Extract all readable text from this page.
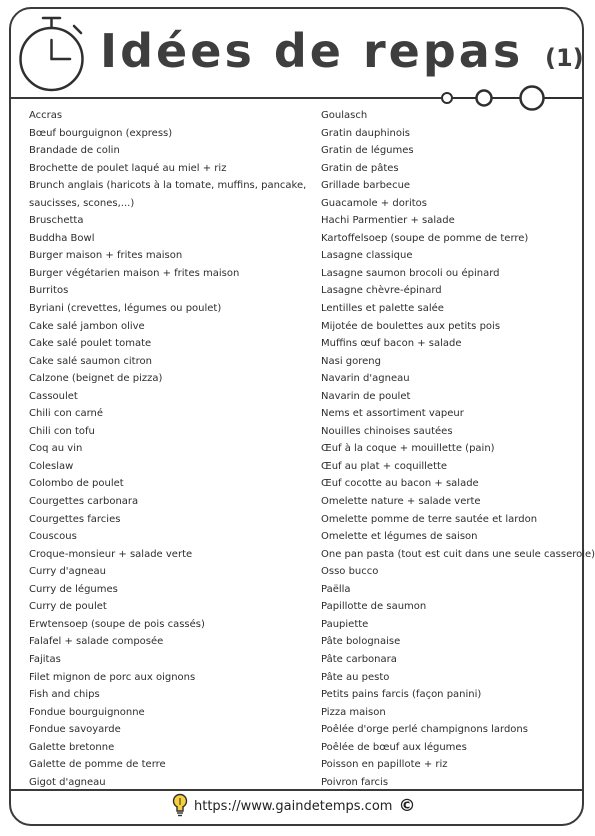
Idées de repas (1)
Accras
Bœuf bourguignon (express)
Brandade de colin
Brochette de poulet laqué au miel + riz
Brunch anglais (haricots à la tomate, muffins, pancake, saucisses, scones,...)
Bruschetta
Buddha Bowl
Burger maison + frites maison
Burger végétarien maison + frites maison
Burritos
Byriani (crevettes, légumes ou poulet)
Cake salé jambon olive
Cake salé poulet tomate
Cake salé saumon citron
Calzone (beignet de pizza)
Cassoulet
Chili con carné
Chili con tofu
Coq au vin
Coleslaw
Colombo de poulet
Courgettes carbonara
Courgettes farcies
Couscous
Croque-monsieur + salade verte
Curry d'agneau
Curry de légumes
Curry de poulet
Erwtensoep (soupe de pois cassés)
Falafel + salade composée
Fajitas
Filet mignon de porc aux oignons
Fish and chips
Fondue bourguignonne
Fondue savoyarde
Galette bretonne
Galette de pomme de terre
Gigot d'agneau
Goulasch
Gratin dauphinois
Gratin de légumes
Gratin de pâtes
Grillade barbecue
Guacamole + doritos
Hachi Parmentier + salade
Kartoffelsoep (soupe de pomme de terre)
Lasagne classique
Lasagne saumon brocoli ou épinard
Lasagne chèvre-épinard
Lentilles et palette salée
Mijotée de boulettes aux petits pois
Muffins œuf bacon + salade
Nasi goreng
Navarin d'agneau
Navarin de poulet
Nems et assortiment vapeur
Nouilles chinoises sautées
Œuf à la coque + mouillette (pain)
Œuf au plat + coquillette
Œuf cocotte au bacon + salade
Omelette nature + salade verte
Omelette pomme de terre sautée et lardon
Omelette et légumes de saison
One pan pasta (tout est cuit dans une seule casserole)
Osso bucco
Paëlla
Papillotte de saumon
Paupiette
Pâte bolognaise
Pâte carbonara
Pâte au pesto
Petits pains farcis (façon panini)
Pizza maison
Poêlée d'orge perlé champignons lardons
Poêlée de bœuf aux légumes
Poisson en papillote + riz
Poivron farcis
https://www.gaindetemps.com ©
